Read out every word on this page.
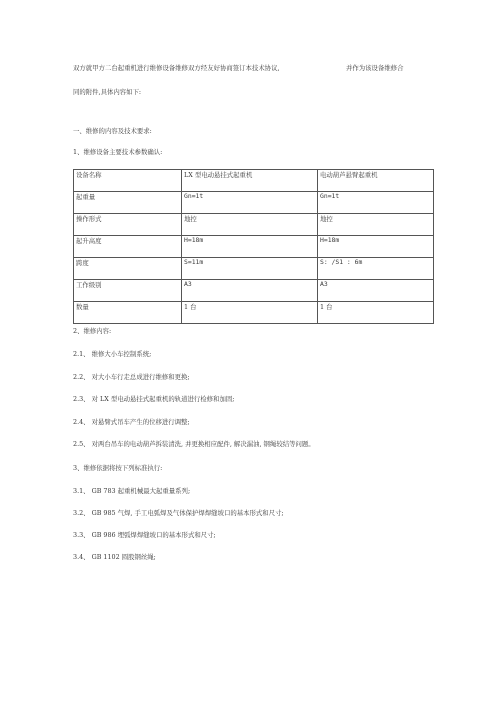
双方就甲方二台起重机进行维修设备维修双方经友好协商签订本技术协议,	并作为该设备维修合
同的附件,具体内容如下:
一、维修的内容及技术要求:
1、维修设备主要技术参数确认:
设备名称	LX 型电动悬挂式起重机	电动葫芦悬臂起重机
起重量	Gn=1t	Gn=1t
操作形式	地控	地控
起升高度	H=18m	H=18m
跨度	S=11m	S: /S1 : 6m
工作级别	A3	A3
数量	1 台	1 台
2、维修内容:
2.1、 维修大小车控制系统;
2.2、 对大小车行走总成进行维修和更换;
2.3、 对 LX 型电动悬挂式起重机的轨道进行检修和加固;
2.4、 对悬臂式吊车产生的位移进行调整;
2.5、 对两台吊车的电动葫芦拆装清洗, 并更换相应配件, 解决漏油, 钢绳较结等问题。
3、维修依据将按下列标准执行:
3.1、 GB 783 起重机械最大起重量系列;
3.2、 GB 985 气焊, 手工电弧焊及气体保护焊焊缝坡口的基本形式和尺寸;
3.3、 GB 986 埋弧焊焊缝坡口的基本形式和尺寸;
3.4、 GB 1102 圆股钢丝绳;
